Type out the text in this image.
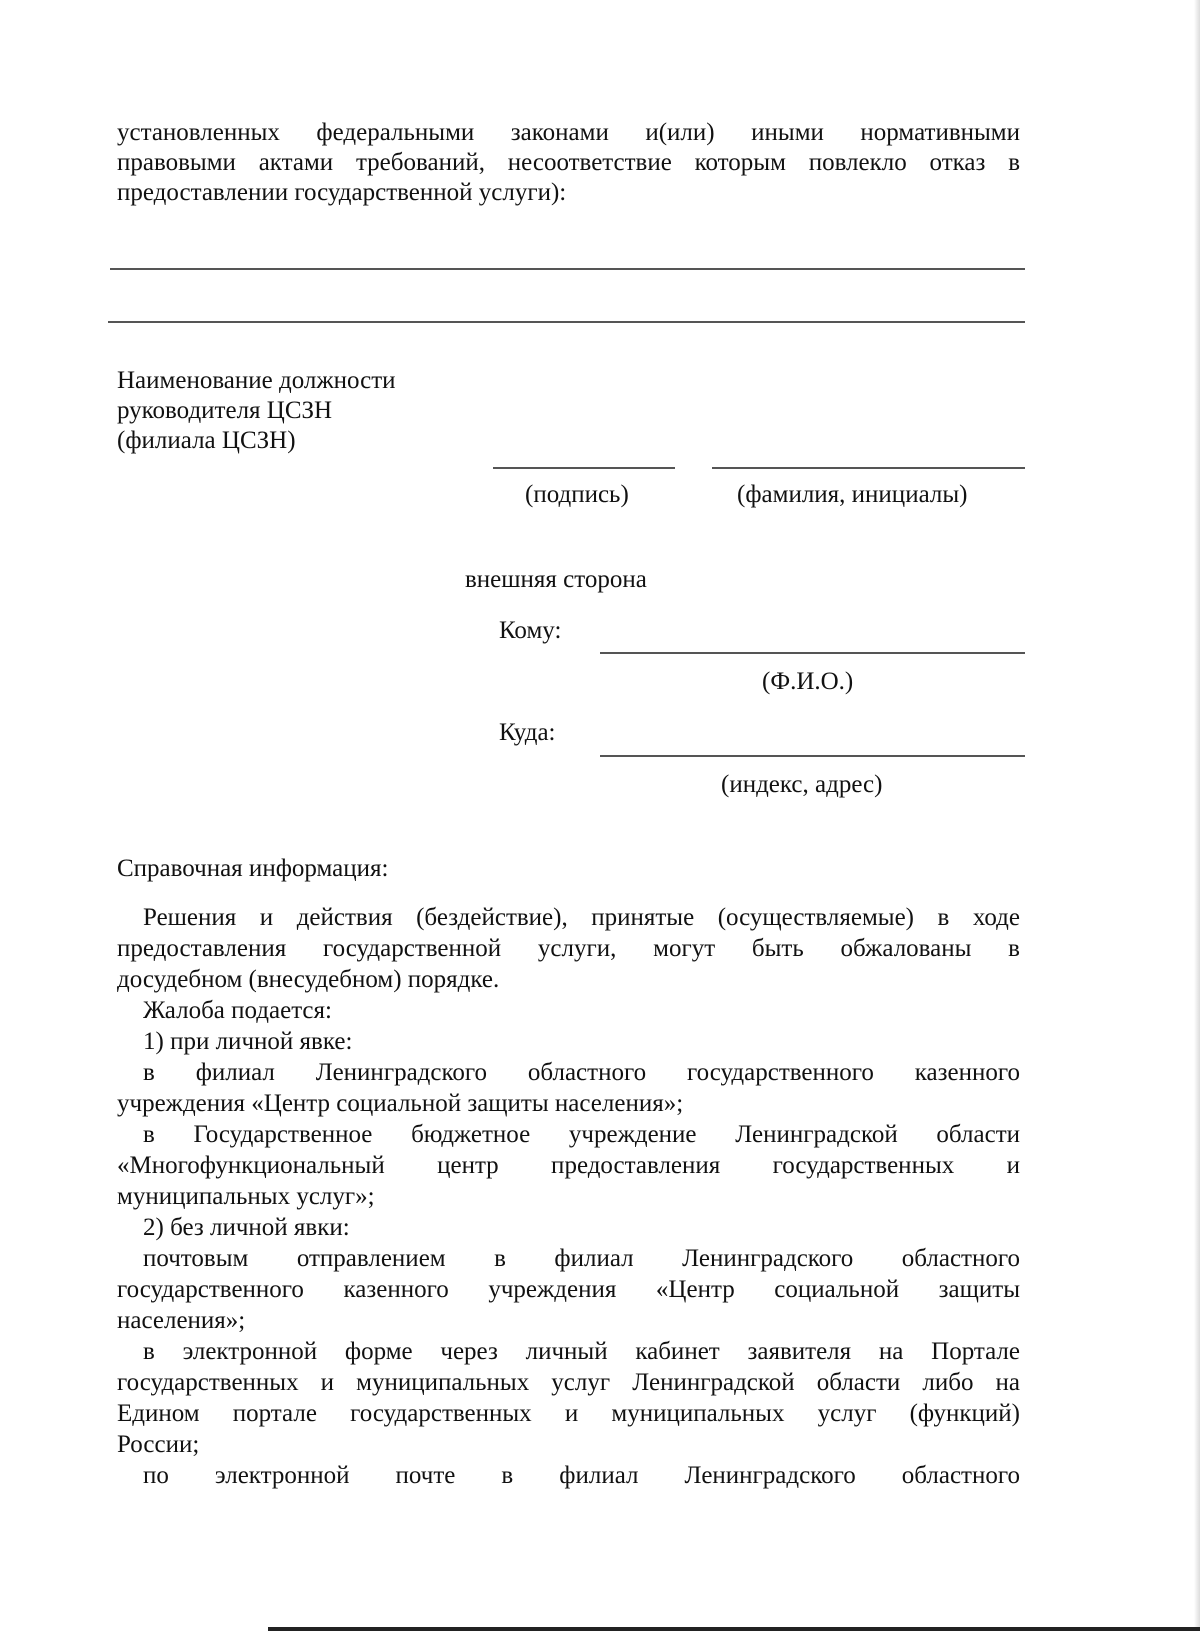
установленных федеральными законами и(или) иными нормативными
правовыми актами требований, несоответствие которым повлекло отказ в
предоставлении государственной услуги):
Наименование должности
руководителя ЦСЗН
(филиала ЦСЗН)
(подпись)	(фамилия, инициалы)
внешняя сторона
Кому:
(Ф.И.О.)
Куда:
(индекс, адрес)
Справочная информация:
Решения и действия (бездействие), принятые (осуществляемые) в ходе
предоставления государственной услуги, могут быть обжалованы в
досудебном (внесудебном) порядке.
Жалоба подается:
1) при личной явке:
в филиал Ленинградского областного государственного казенного
учреждения «Центр социальной защиты населения»;
в Государственное бюджетное учреждение Ленинградской области
«Многофункциональный центр предоставления государственных и
муниципальных услуг»;
2) без личной явки:
почтовым отправлением в филиал Ленинградского областного
государственного казенного учреждения «Центр социальной защиты
населения»;
в электронной форме через личный кабинет заявителя на Портале
государственных и муниципальных услуг Ленинградской области либо на
Едином портале государственных и муниципальных услуг (функций)
России;
по электронной почте в филиал Ленинградского областного
